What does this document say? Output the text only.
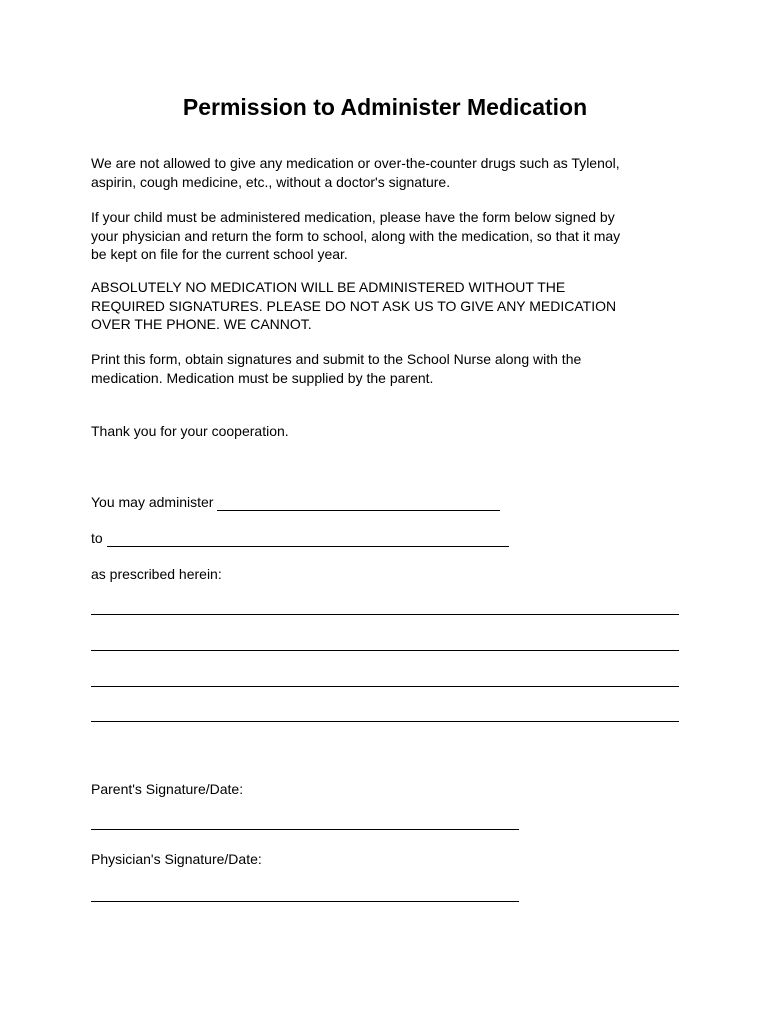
Permission to Administer Medication

We are not allowed to give any medication or over-the-counter drugs such as Tylenol,
aspirin, cough medicine, etc., without a doctor's signature.

If your child must be administered medication, please have the form below signed by
your physician and return the form to school, along with the medication, so that it may
be kept on file for the current school year.

ABSOLUTELY NO MEDICATION WILL BE ADMINISTERED WITHOUT THE
REQUIRED SIGNATURES. PLEASE DO NOT ASK US TO GIVE ANY MEDICATION
OVER THE PHONE. WE CANNOT.

Print this form, obtain signatures and submit to the School Nurse along with the
medication. Medication must be supplied by the parent.

Thank you for your cooperation.

You may administer
to

as prescribed herein:

Parent's Signature/Date:

Physician's Signature/Date:
